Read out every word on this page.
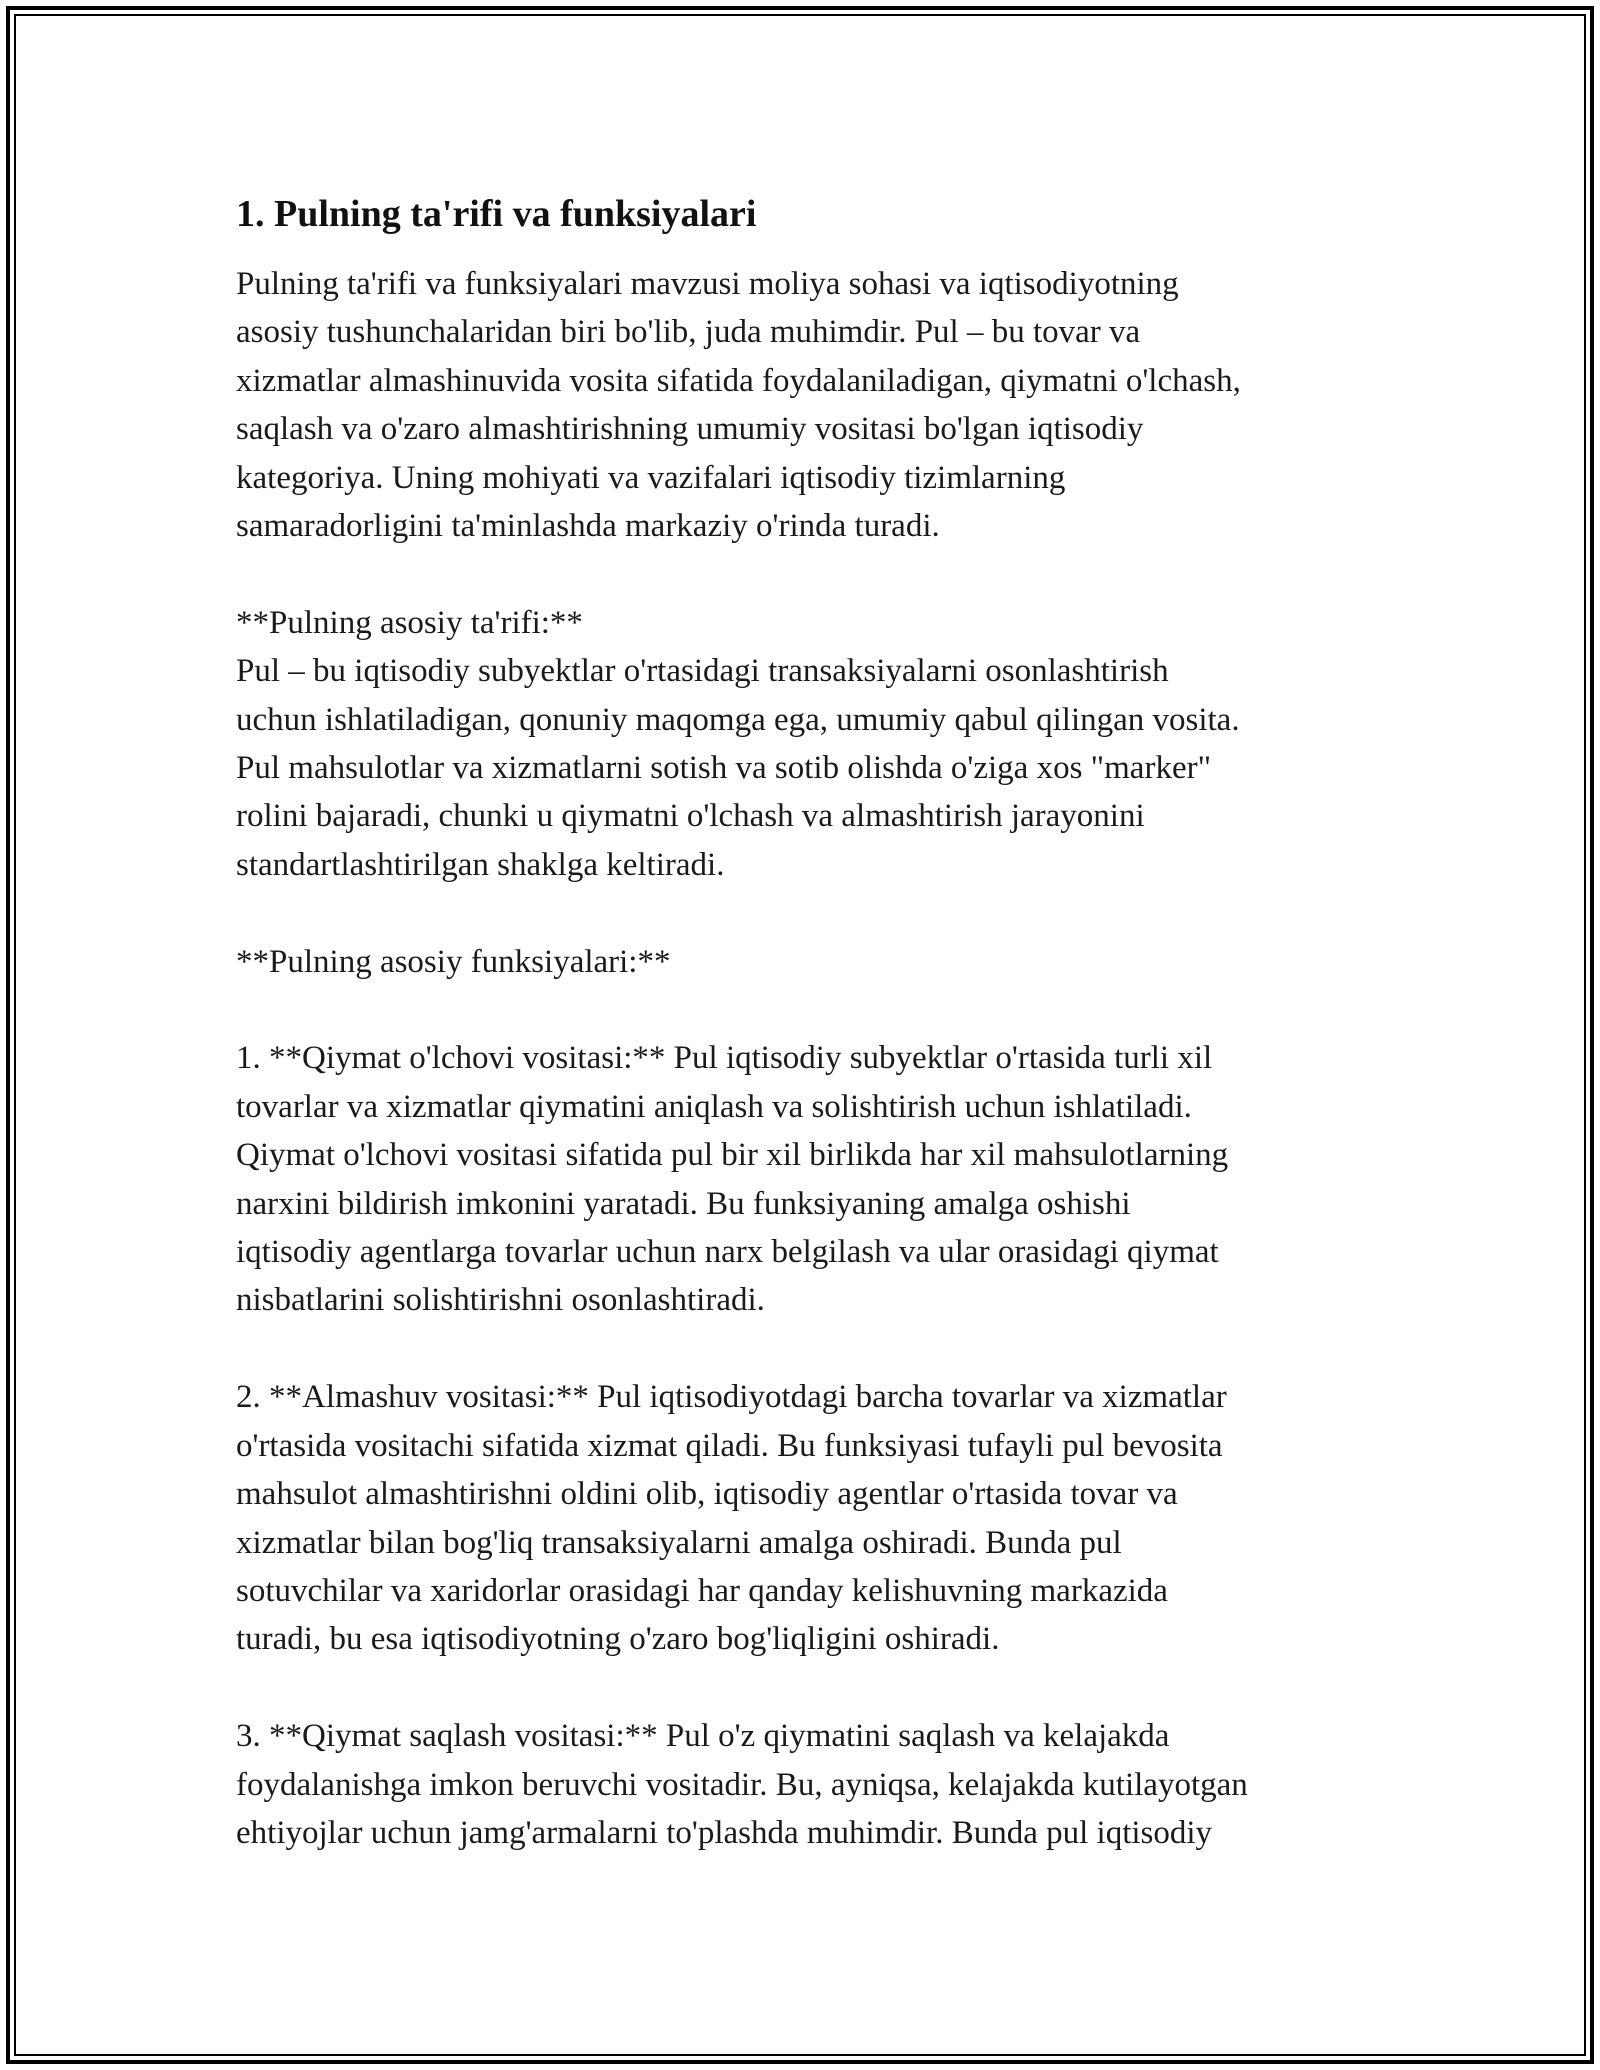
1. Pulning ta'rifi va funksiyalari
Pulning ta'rifi va funksiyalari mavzusi moliya sohasi va iqtisodiyotning
asosiy tushunchalaridan biri bo'lib, juda muhimdir. Pul – bu tovar va
xizmatlar almashinuvida vosita sifatida foydalaniladigan, qiymatni o'lchash,
saqlash va o'zaro almashtirishning umumiy vositasi bo'lgan iqtisodiy
kategoriya. Uning mohiyati va vazifalari iqtisodiy tizimlarning
samaradorligini ta'minlashda markaziy o'rinda turadi.
**Pulning asosiy ta'rifi:**
Pul – bu iqtisodiy subyektlar o'rtasidagi transaksiyalarni osonlashtirish
uchun ishlatiladigan, qonuniy maqomga ega, umumiy qabul qilingan vosita.
Pul mahsulotlar va xizmatlarni sotish va sotib olishda o'ziga xos "marker"
rolini bajaradi, chunki u qiymatni o'lchash va almashtirish jarayonini
standartlashtirilgan shaklga keltiradi.
**Pulning asosiy funksiyalari:**
1. **Qiymat o'lchovi vositasi:** Pul iqtisodiy subyektlar o'rtasida turli xil
tovarlar va xizmatlar qiymatini aniqlash va solishtirish uchun ishlatiladi.
Qiymat o'lchovi vositasi sifatida pul bir xil birlikda har xil mahsulotlarning
narxini bildirish imkonini yaratadi. Bu funksiyaning amalga oshishi
iqtisodiy agentlarga tovarlar uchun narx belgilash va ular orasidagi qiymat
nisbatlarini solishtirishni osonlashtiradi.
2. **Almashuv vositasi:** Pul iqtisodiyotdagi barcha tovarlar va xizmatlar
o'rtasida vositachi sifatida xizmat qiladi. Bu funksiyasi tufayli pul bevosita
mahsulot almashtirishni oldini olib, iqtisodiy agentlar o'rtasida tovar va
xizmatlar bilan bog'liq transaksiyalarni amalga oshiradi. Bunda pul
sotuvchilar va xaridorlar orasidagi har qanday kelishuvning markazida
turadi, bu esa iqtisodiyotning o'zaro bog'liqligini oshiradi.
3. **Qiymat saqlash vositasi:** Pul o'z qiymatini saqlash va kelajakda
foydalanishga imkon beruvchi vositadir. Bu, ayniqsa, kelajakda kutilayotgan
ehtiyojlar uchun jamg'armalarni to'plashda muhimdir. Bunda pul iqtisodiy
